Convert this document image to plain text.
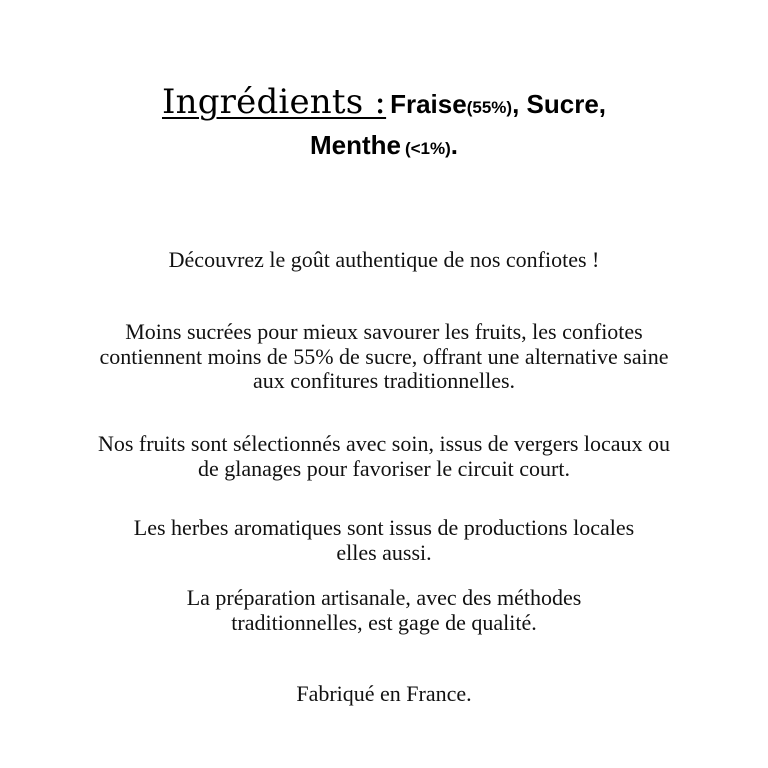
Ingrédients : Fraise(55%), Sucre,
Menthe (<1%).
Découvrez le goût authentique de nos confiotes !
Moins sucrées pour mieux savourer les fruits, les confiotes
contiennent moins de 55% de sucre, offrant une alternative saine
aux confitures traditionnelles.
Nos fruits sont sélectionnés avec soin, issus de vergers locaux ou
de glanages pour favoriser le circuit court.
Les herbes aromatiques sont issus de productions locales
elles aussi.
La préparation artisanale, avec des méthodes
traditionnelles, est gage de qualité.
Fabriqué en France.
